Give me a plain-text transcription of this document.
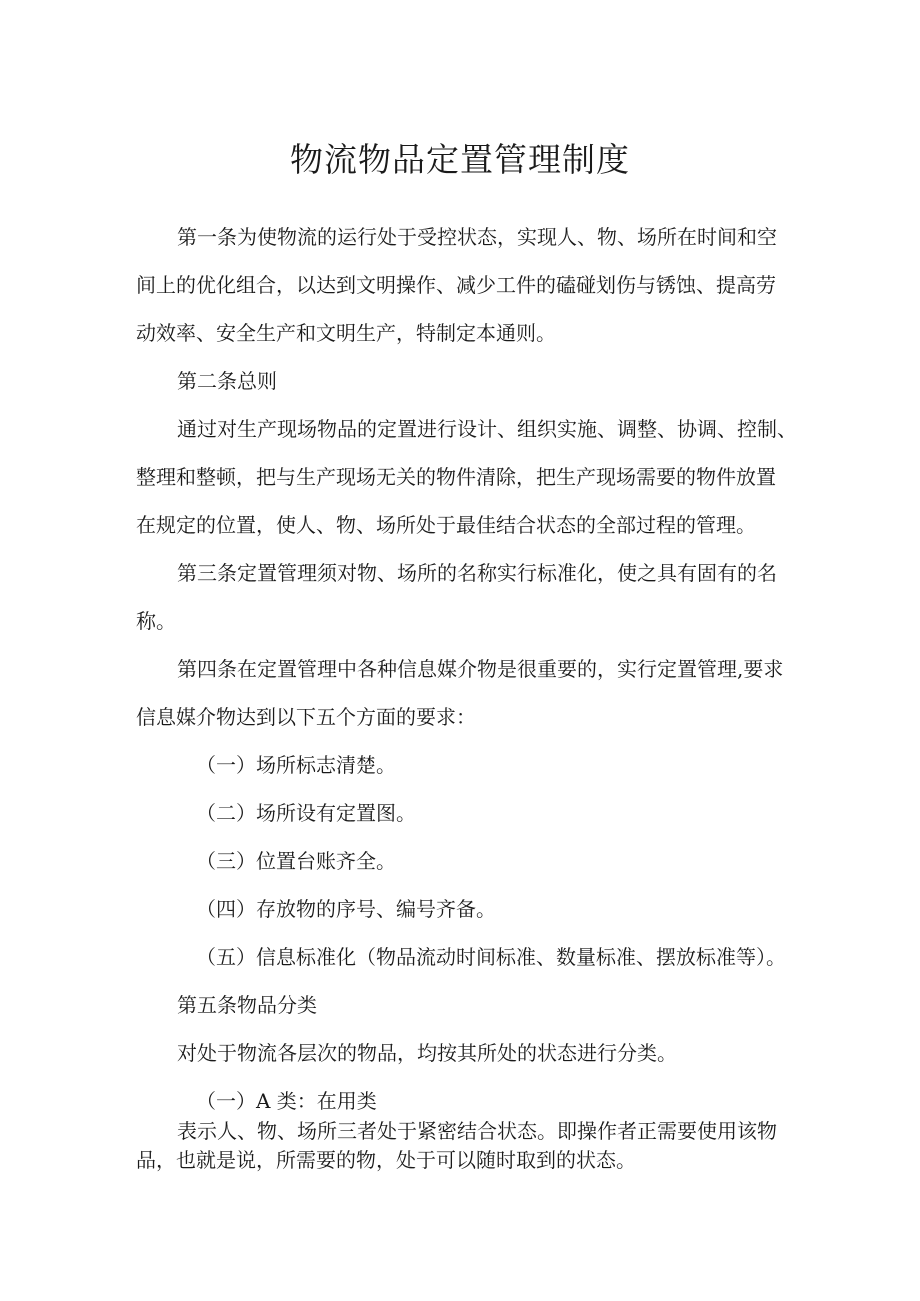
物流物品定置管理制度

第一条为使物流的运行处于受控状态，实现人、物、场所在时间和空
间上的优化组合，以达到文明操作、减少工件的磕碰划伤与锈蚀、提高劳
动效率、安全生产和文明生产，特制定本通则。

第二条总则

通过对生产现场物品的定置进行设计、组织实施、调整、协调、控制、
整理和整顿，把与生产现场无关的物件清除，把生产现场需要的物件放置
在规定的位置，使人、物、场所处于最佳结合状态的全部过程的管理。

第三条定置管理须对物、场所的名称实行标准化，使之具有固有的名
称。

第四条在定置管理中各种信息媒介物是很重要的，实行定置管理,要求
信息媒介物达到以下五个方面的要求：

（一）场所标志清楚。
（二）场所设有定置图。
（三）位置台账齐全。
（四）存放物的序号、编号齐备。
（五）信息标准化（物品流动时间标准、数量标准、摆放标准等）。

第五条物品分类

对处于物流各层次的物品，均按其所处的状态进行分类。

（一）A 类：在用类

表示人、物、场所三者处于紧密结合状态。即操作者正需要使用该物
品，也就是说，所需要的物，处于可以随时取到的状态。
